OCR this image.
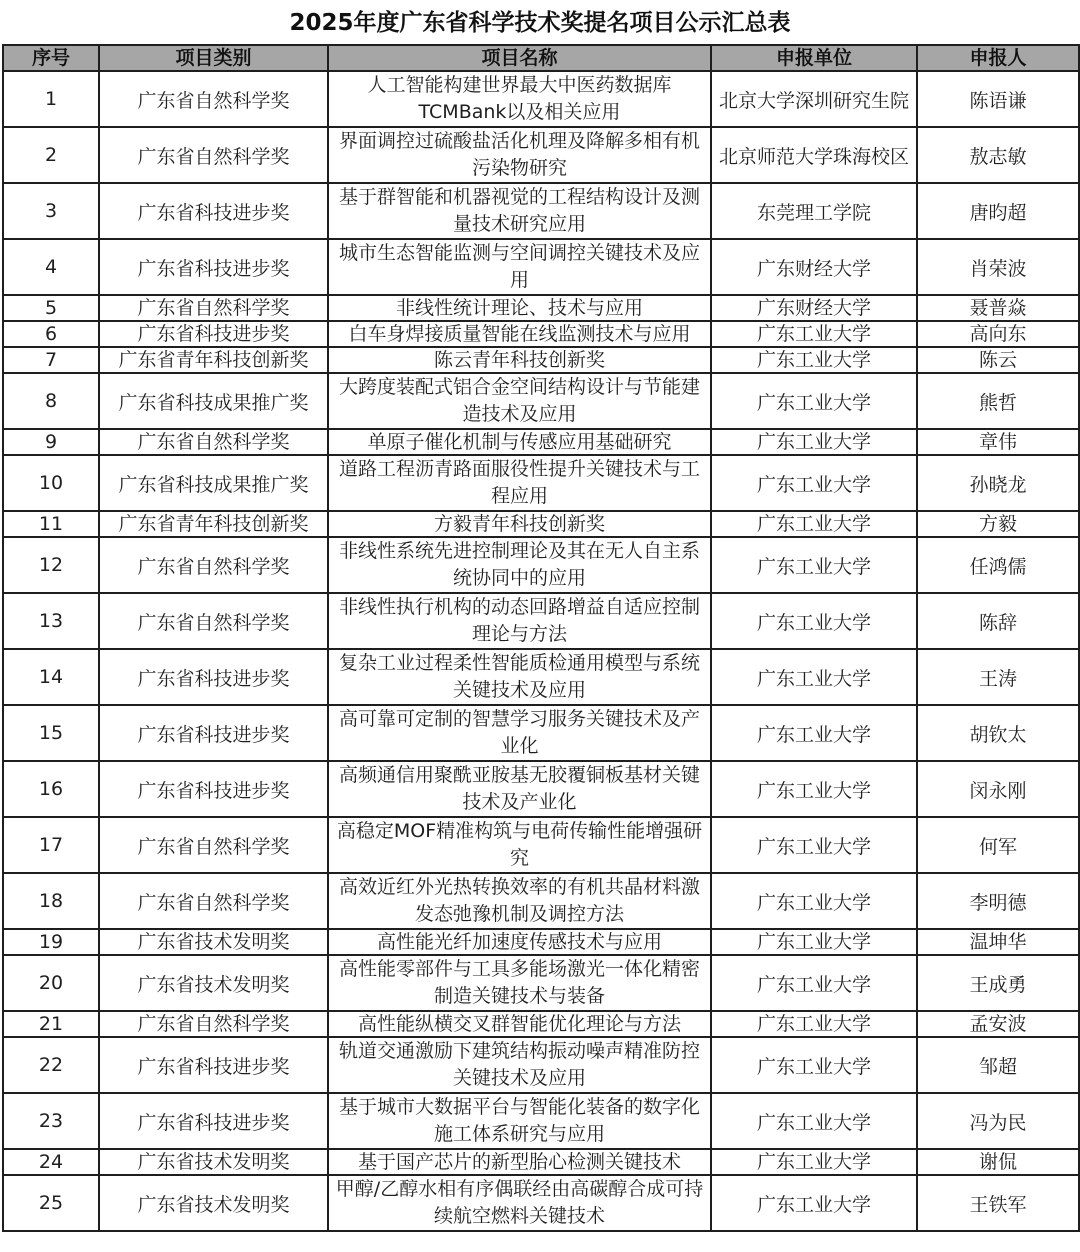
2025年度广东省科学技术奖提名项目公示汇总表
序号	项目类别	项目名称	申报单位	申报人
1	广东省自然科学奖	人工智能构建世界最大中医药数据库TCMBank以及相关应用	北京大学深圳研究生院	陈语谦
2	广东省自然科学奖	界面调控过硫酸盐活化机理及降解多相有机污染物研究	北京师范大学珠海校区	敖志敏
3	广东省科技进步奖	基于群智能和机器视觉的工程结构设计及测量技术研究应用	东莞理工学院	唐昀超
4	广东省科技进步奖	城市生态智能监测与空间调控关键技术及应用	广东财经大学	肖荣波
5	广东省自然科学奖	非线性统计理论、技术与应用	广东财经大学	聂普焱
6	广东省科技进步奖	白车身焊接质量智能在线监测技术与应用	广东工业大学	高向东
7	广东省青年科技创新奖	陈云青年科技创新奖	广东工业大学	陈云
8	广东省科技成果推广奖	大跨度装配式铝合金空间结构设计与节能建造技术及应用	广东工业大学	熊哲
9	广东省自然科学奖	单原子催化机制与传感应用基础研究	广东工业大学	章伟
10	广东省科技成果推广奖	道路工程沥青路面服役性提升关键技术与工程应用	广东工业大学	孙晓龙
11	广东省青年科技创新奖	方毅青年科技创新奖	广东工业大学	方毅
12	广东省自然科学奖	非线性系统先进控制理论及其在无人自主系统协同中的应用	广东工业大学	任鸿儒
13	广东省自然科学奖	非线性执行机构的动态回路增益自适应控制理论与方法	广东工业大学	陈辞
14	广东省科技进步奖	复杂工业过程柔性智能质检通用模型与系统关键技术及应用	广东工业大学	王涛
15	广东省科技进步奖	高可靠可定制的智慧学习服务关键技术及产业化	广东工业大学	胡钦太
16	广东省科技进步奖	高频通信用聚酰亚胺基无胶覆铜板基材关键技术及产业化	广东工业大学	闵永刚
17	广东省自然科学奖	高稳定MOF精准构筑与电荷传输性能增强研究	广东工业大学	何军
18	广东省自然科学奖	高效近红外光热转换效率的有机共晶材料激发态弛豫机制及调控方法	广东工业大学	李明德
19	广东省技术发明奖	高性能光纤加速度传感技术与应用	广东工业大学	温坤华
20	广东省技术发明奖	高性能零部件与工具多能场激光一体化精密制造关键技术与装备	广东工业大学	王成勇
21	广东省自然科学奖	高性能纵横交叉群智能优化理论与方法	广东工业大学	孟安波
22	广东省科技进步奖	轨道交通激励下建筑结构振动噪声精准防控关键技术及应用	广东工业大学	邹超
23	广东省科技进步奖	基于城市大数据平台与智能化装备的数字化施工体系研究与应用	广东工业大学	冯为民
24	广东省技术发明奖	基于国产芯片的新型胎心检测关键技术	广东工业大学	谢侃
25	广东省技术发明奖	甲醇/乙醇水相有序偶联经由高碳醇合成可持续航空燃料关键技术	广东工业大学	王铁军
